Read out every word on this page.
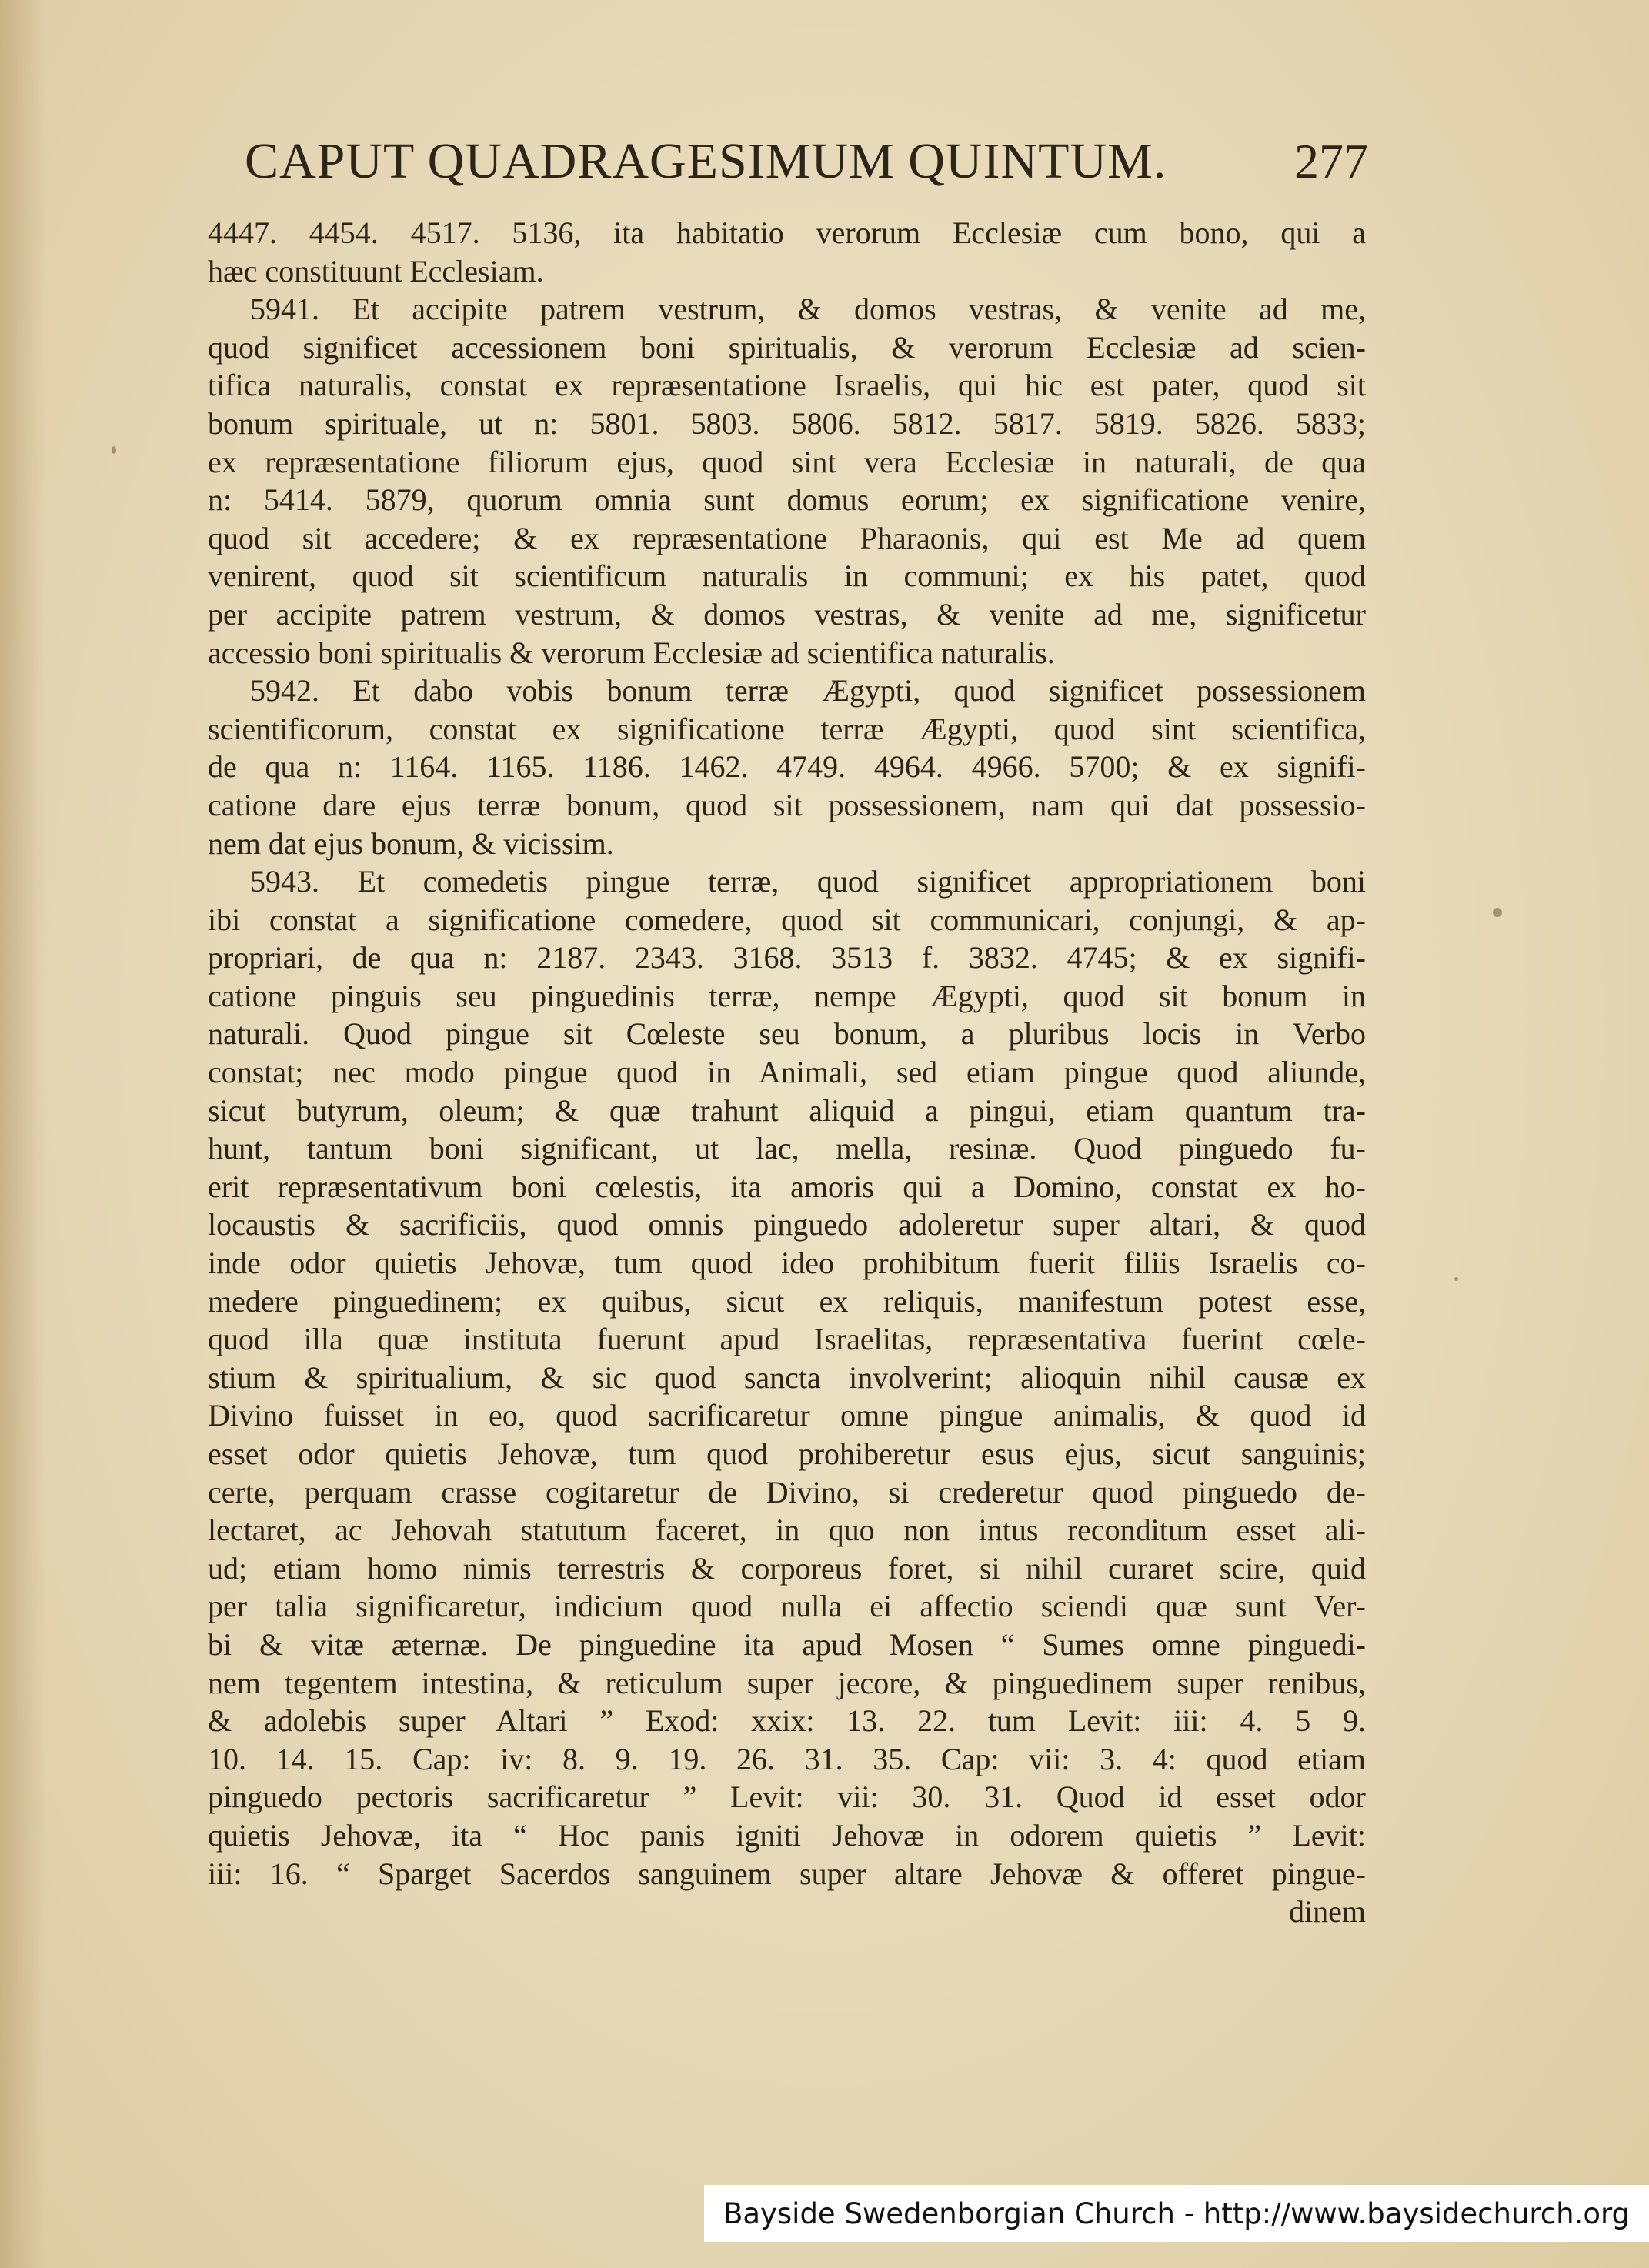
CAPUT QUADRAGESIMUM QUINTUM.	277
4447. 4454. 4517. 5136, ita habitatio verorum Ecclesiæ cum bono, qui a
hæc constituunt Ecclesiam.
5941. Et accipite patrem vestrum, & domos vestras, & venite ad me,
quod significet accessionem boni spiritualis, & verorum Ecclesiæ ad scien-
tifica naturalis, constat ex repræsentatione Israelis, qui hic est pater, quod sit
bonum spirituale, ut n: 5801. 5803. 5806. 5812. 5817. 5819. 5826. 5833;
ex repræsentatione filiorum ejus, quod sint vera Ecclesiæ in naturali, de qua
n: 5414. 5879, quorum omnia sunt domus eorum; ex significatione venire,
quod sit accedere; & ex repræsentatione Pharaonis, qui est Me ad quem
venirent, quod sit scientificum naturalis in communi; ex his patet, quod
per accipite patrem vestrum, & domos vestras, & venite ad me, significetur
accessio boni spiritualis & verorum Ecclesiæ ad scientifica naturalis.
5942. Et dabo vobis bonum terræ Ægypti, quod significet possessionem
scientificorum, constat ex significatione terræ Ægypti, quod sint scientifica,
de qua n: 1164. 1165. 1186. 1462. 4749. 4964. 4966. 5700; & ex signifi-
catione dare ejus terræ bonum, quod sit possessionem, nam qui dat possessio-
nem dat ejus bonum, & vicissim.
5943. Et comedetis pingue terræ, quod significet appropriationem boni
ibi constat a significatione comedere, quod sit communicari, conjungi, & ap-
propriari, de qua n: 2187. 2343. 3168. 3513 f. 3832. 4745; & ex signifi-
catione pinguis seu pinguedinis terræ, nempe Ægypti, quod sit bonum in
naturali. Quod pingue sit Cœleste seu bonum, a pluribus locis in Verbo
constat; nec modo pingue quod in Animali, sed etiam pingue quod aliunde,
sicut butyrum, oleum; & quæ trahunt aliquid a pingui, etiam quantum tra-
hunt, tantum boni significant, ut lac, mella, resinæ. Quod pinguedo fu-
erit repræsentativum boni cœlestis, ita amoris qui a Domino, constat ex ho-
locaustis & sacrificiis, quod omnis pinguedo adoleretur super altari, & quod
inde odor quietis Jehovæ, tum quod ideo prohibitum fuerit filiis Israelis co-
medere pinguedinem; ex quibus, sicut ex reliquis, manifestum potest esse,
quod illa quæ instituta fuerunt apud Israelitas, repræsentativa fuerint cœle-
stium & spiritualium, & sic quod sancta involverint; alioquin nihil causæ ex
Divino fuisset in eo, quod sacrificaretur omne pingue animalis, & quod id
esset odor quietis Jehovæ, tum quod prohiberetur esus ejus, sicut sanguinis;
certe, perquam crasse cogitaretur de Divino, si crederetur quod pinguedo de-
lectaret, ac Jehovah statutum faceret, in quo non intus reconditum esset ali-
ud; etiam homo nimis terrestris & corporeus foret, si nihil curaret scire, quid
per talia significaretur, indicium quod nulla ei affectio sciendi quæ sunt Ver-
bi & vitæ æternæ. De pinguedine ita apud Mosen “ Sumes omne pinguedi-
nem tegentem intestina, & reticulum super jecore, & pinguedinem super renibus,
& adolebis super Altari ” Exod: xxix: 13. 22. tum Levit: iii: 4. 5 9.
10. 14. 15. Cap: iv: 8. 9. 19. 26. 31. 35. Cap: vii: 3. 4: quod etiam
pinguedo pectoris sacrificaretur ” Levit: vii: 30. 31. Quod id esset odor
quietis Jehovæ, ita “ Hoc panis igniti Jehovæ in odorem quietis ” Levit:
iii: 16. “ Sparget Sacerdos sanguinem super altare Jehovæ & offeret pingue-
dinem
Bayside Swedenborgian Church - http://www.baysidechurch.org
